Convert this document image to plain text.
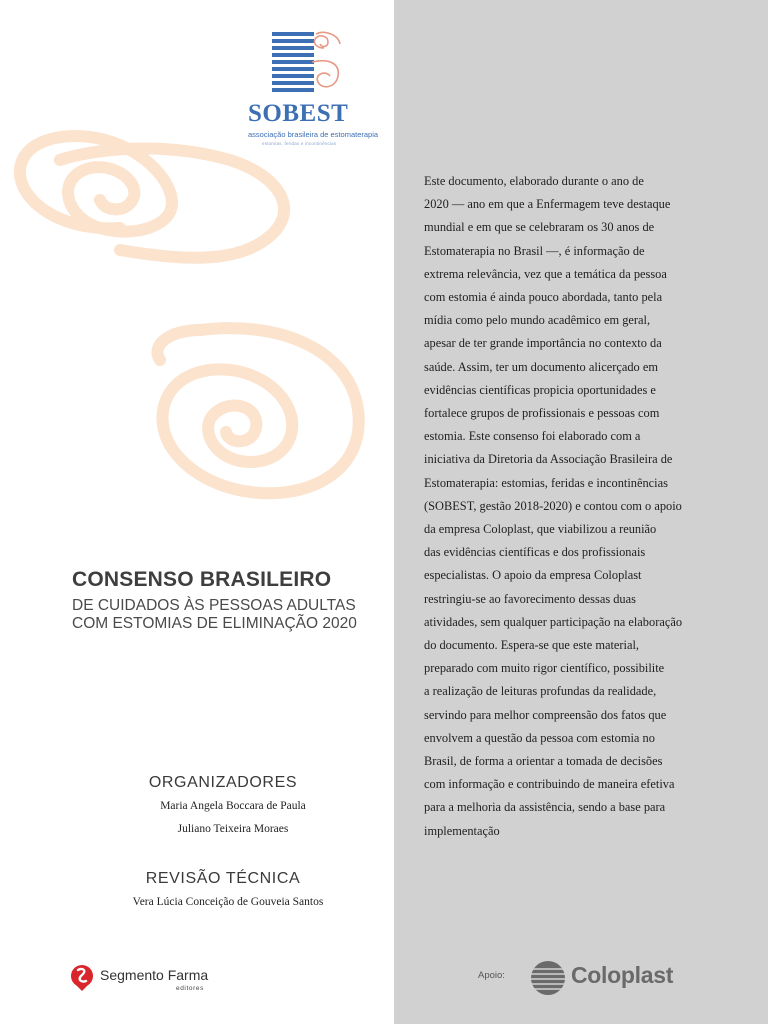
SOBEST
associação brasileira de estomaterapia
estomias, feridas e incontinências
CONSENSO BRASILEIRO
DE CUIDADOS ÀS PESSOAS ADULTAS
COM ESTOMIAS DE ELIMINAÇÃO 2020
ORGANIZADORES
Maria Angela Boccara de Paula
Juliano Teixeira Moraes
REVISÃO TÉCNICA
Vera Lúcia Conceição de Gouveia Santos
Segmento Farma
editores
Este documento, elaborado durante o ano de
2020 — ano em que a Enfermagem teve destaque
mundial e em que se celebraram os 30 anos de
Estomaterapia no Brasil —, é informação de
extrema relevância, vez que a temática da pessoa
com estomia é ainda pouco abordada, tanto pela
mídia como pelo mundo acadêmico em geral,
apesar de ter grande importância no contexto da
saúde. Assim, ter um documento alicerçado em
evidências científicas propicia oportunidades e
fortalece grupos de profissionais e pessoas com
estomia. Este consenso foi elaborado com a
iniciativa da Diretoria da Associação Brasileira de
Estomaterapia: estomias, feridas e incontinências
(SOBEST, gestão 2018-2020) e contou com o apoio
da empresa Coloplast, que viabilizou a reunião
das evidências científicas e dos profissionais
especialistas. O apoio da empresa Coloplast
restringiu-se ao favorecimento dessas duas
atividades, sem qualquer participação na elaboração
do documento. Espera-se que este material,
preparado com muito rigor científico, possibilite
a realização de leituras profundas da realidade,
servindo para melhor compreensão dos fatos que
envolvem a questão da pessoa com estomia no
Brasil, de forma a orientar a tomada de decisões
com informação e contribuindo de maneira efetiva
para a melhoria da assistência, sendo a base para
implementação
Apoio:	Coloplast
